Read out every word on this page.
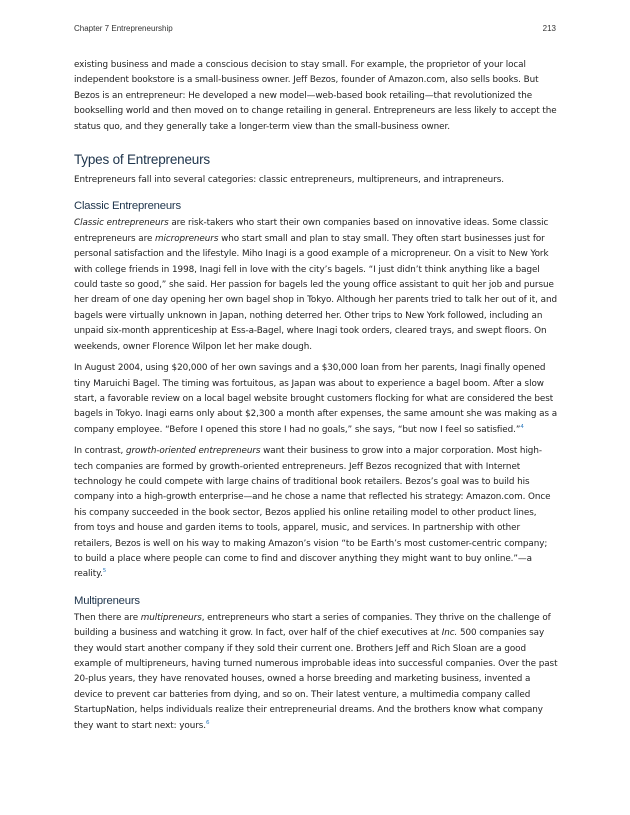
Chapter 7 Entrepreneurship	213

existing business and made a conscious decision to stay small. For example, the proprietor of your local independent bookstore is a small-business owner. Jeff Bezos, founder of Amazon.com, also sells books. But Bezos is an entrepreneur: He developed a new model—web-based book retailing—that revolutionized the bookselling world and then moved on to change retailing in general. Entrepreneurs are less likely to accept the status quo, and they generally take a longer-term view than the small-business owner.

Types of Entrepreneurs

Entrepreneurs fall into several categories: classic entrepreneurs, multipreneurs, and intrapreneurs.

Classic Entrepreneurs

Classic entrepreneurs are risk-takers who start their own companies based on innovative ideas. Some classic entrepreneurs are micropreneurs who start small and plan to stay small. They often start businesses just for personal satisfaction and the lifestyle. Miho Inagi is a good example of a micropreneur. On a visit to New York with college friends in 1998, Inagi fell in love with the city’s bagels. “I just didn’t think anything like a bagel could taste so good,” she said. Her passion for bagels led the young office assistant to quit her job and pursue her dream of one day opening her own bagel shop in Tokyo. Although her parents tried to talk her out of it, and bagels were virtually unknown in Japan, nothing deterred her. Other trips to New York followed, including an unpaid six-month apprenticeship at Ess-a-Bagel, where Inagi took orders, cleared trays, and swept floors. On weekends, owner Florence Wilpon let her make dough.

In August 2004, using $20,000 of her own savings and a $30,000 loan from her parents, Inagi finally opened tiny Maruichi Bagel. The timing was fortuitous, as Japan was about to experience a bagel boom. After a slow start, a favorable review on a local bagel website brought customers flocking for what are considered the best bagels in Tokyo. Inagi earns only about $2,300 a month after expenses, the same amount she was making as a company employee. “Before I opened this store I had no goals,” she says, “but now I feel so satisfied.”$^4$

In contrast, growth-oriented entrepreneurs want their business to grow into a major corporation. Most high-tech companies are formed by growth-oriented entrepreneurs. Jeff Bezos recognized that with Internet technology he could compete with large chains of traditional book retailers. Bezos’s goal was to build his company into a high-growth enterprise—and he chose a name that reflected his strategy: Amazon.com. Once his company succeeded in the book sector, Bezos applied his online retailing model to other product lines, from toys and house and garden items to tools, apparel, music, and services. In partnership with other retailers, Bezos is well on his way to making Amazon’s vision “to be Earth’s most customer-centric company; to build a place where people can come to find and discover anything they might want to buy online.”—a reality.$^5$

Multipreneurs

Then there are multipreneurs, entrepreneurs who start a series of companies. They thrive on the challenge of building a business and watching it grow. In fact, over half of the chief executives at Inc. 500 companies say they would start another company if they sold their current one. Brothers Jeff and Rich Sloan are a good example of multipreneurs, having turned numerous improbable ideas into successful companies. Over the past 20-plus years, they have renovated houses, owned a horse breeding and marketing business, invented a device to prevent car batteries from dying, and so on. Their latest venture, a multimedia company called StartupNation, helps individuals realize their entrepreneurial dreams. And the brothers know what company they want to start next: yours.$^6$
